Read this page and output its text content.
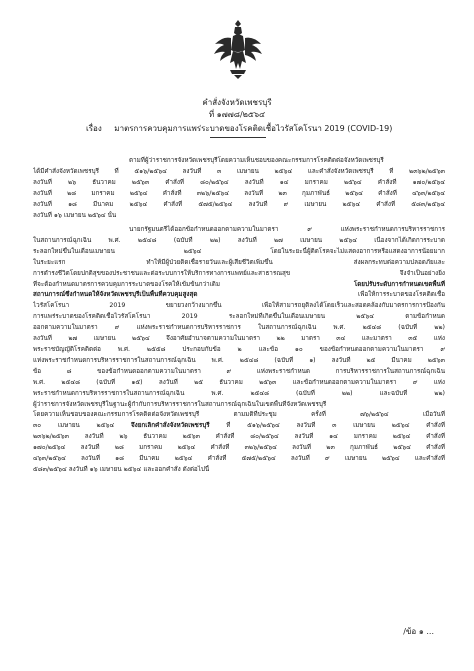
คำสั่งจังหวัดเพชรบุรี
ที่ ๑๗๗๘/๒๕๖๔
เรื่อง มาตรการควบคุมการแพร่ระบาดของโรคติดเชื้อไวรัสโคโรนา 2019 (COVID-19)
ตามที่ผู้ว่าราชการจังหวัดเพชรบุรีโดยความเห็นชอบของคณะกรรมการโรคติดต่อจังหวัดเพชรบุรี
ได้มีคำสั่งจังหวัดเพชรบุรี ที่ ๕๑๖/๒๕๖๔ ลงวันที่ ๓ เมษายน ๒๕๖๔ และคำสั่งจังหวัดเพชรบุรี ที่ ๒๓๖๒/๒๕๖๓
ลงวันที่ ๒๖ ธันวาคม ๒๕๖๓ คำสั่งที่ ๘๐/๒๕๖๔ ลงวันที่ ๑๔ มกราคม ๒๕๖๔ คำสั่งที่ ๑๗๐/๒๕๖๔
ลงวันที่ ๒๘ มกราคม ๒๕๖๔ คำสั่งที่ ๓๒๖/๒๕๖๔ ลงวันที่ ๒๓ กุมภาพันธ์ ๒๕๖๔ คำสั่งที่ ๔๖๓/๒๕๖๔
ลงวันที่ ๑๘ มีนาคม ๒๕๖๔ คำสั่งที่ ๕๗๕/๒๕๖๔ ลงวันที่ ๙ เมษายน ๒๕๖๔ คำสั่งที่ ๕๘๓/๒๕๖๔
ลงวันที่ ๑๖ เมษายน ๒๕๖๔ นั้น
นายกรัฐมนตรีได้ออกข้อกำหนดออกตามความในมาตรา ๙ แห่งพระราชกำหนดการบริหารราชการ
ในสถานการณ์ฉุกเฉิน พ.ศ. ๒๕๔๘ (ฉบับที่ ๒๒) ลงวันที่ ๒๗ เมษายน ๒๕๖๔ เนื่องจากได้เกิดการระบาด
ระลอกใหม่ขึ้นในเดือนเมษายน ๒๕๖๔ โดยในระยะนี้ผู้ติดโรคจะไม่แสดงอาการหรือแสดงอาการน้อยมาก
ในระยะแรก ทำให้มีผู้ป่วยติดเชื้อรายวันและผู้เสียชีวิตเพิ่มขึ้น ส่งผลกระทบต่อความปลอดภัยและ
การดำรงชีวิตโดยปกติสุขของประชาชนและต่อระบบการให้บริการทางการแพทย์และสาธารณสุข จึงจำเป็นอย่างยิ่ง
ที่จะต้องกำหนดมาตรการควบคุมการระบาดของโรคให้เข้มข้นกว่าเดิม โดยปรับระดับการกำหนดเขตพื้นที่
สถานการณ์ซึ่งกำหนดให้จังหวัดเพชรบุรีเป็นพื้นที่ควบคุมสูงสุด เพื่อให้การระบาดของโรคติดเชื้อ
ไวรัสโคโรนา 2019 ขยายวงกว้างมากขึ้น เพื่อให้สามารถยุติลงได้โดยเร็วและสอดคล้องกับมาตรการการป้องกัน
การแพร่ระบาดของโรคติดเชื้อไวรัสโคโรนา 2019 ระลอกใหม่ที่เกิดขึ้นในเดือนเมษายน ๒๕๖๔ ตามข้อกำหนด
ออกตามความในมาตรา ๙ แห่งพระราชกำหนดการบริหารราชการ ในสถานการณ์ฉุกเฉิน พ.ศ. ๒๕๔๘ (ฉบับที่ ๒๒)
ลงวันที่ ๒๗ เมษายน ๒๕๖๔ จึงอาศัยอำนาจตามความในมาตรา ๒๒ มาตรา ๓๔ และมาตรา ๓๕ แห่ง
พระราชบัญญัติโรคติดต่อ พ.ศ. ๒๕๕๘ ประกอบกับข้อ ๒ และข้อ ๑๐ ของข้อกำหนดออกตามความในมาตรา ๙
แห่งพระราชกำหนดการบริหารราชการในสถานการณ์ฉุกเฉิน พ.ศ. ๒๕๔๘ (ฉบับที่ ๑) ลงวันที่ ๒๕ มีนาคม ๒๕๖๓
ข้อ ๘ ของข้อกำหนดออกตามความในมาตรา ๙ แห่งพระราชกำหนด การบริหารราชการในสถานการณ์ฉุกเฉิน
พ.ศ. ๒๕๔๘ (ฉบับที่ ๑๕) ลงวันที่ ๒๕ ธันวาคม ๒๕๖๓ และข้อกำหนดออกตามความในมาตรา ๙ แห่ง
พระราชกำหนดการบริหารราชการในสถานการณ์ฉุกเฉิน พ.ศ. ๒๕๔๘ (ฉบับที่ ๒๒) และฉบับที่ ๒๒)
ผู้ว่าราชการจังหวัดเพชรบุรีในฐานะผู้กำกับการบริหารราชการในสถานการณ์ฉุกเฉินในเขตพื้นที่จังหวัดเพชรบุรี
โดยความเห็นชอบของคณะกรรมการโรคติดต่อจังหวัดเพชรบุรี ตามมติที่ประชุม ครั้งที่ ๗๖/๒๕๖๔ เมื่อวันที่
๓๐ เมษายน ๒๕๖๔ จึงยกเลิกคำสั่งจังหวัดเพชรบุรี ที่ ๕๑๖/๒๕๖๔ ลงวันที่ ๓ เมษายน ๒๕๖๔ คำสั่งที่
๒๓๖๒/๒๕๖๓ ลงวันที่ ๒๖ ธันวาคม ๒๕๖๓ คำสั่งที่ ๘๐/๒๕๖๔ ลงวันที่ ๑๔ มกราคม ๒๕๖๔ คำสั่งที่
๑๗๐/๒๕๖๔ ลงวันที่ ๒๘ มกราคม ๒๕๖๔ คำสั่งที่ ๓๒๖/๒๕๖๔ ลงวันที่ ๒๓ กุมภาพันธ์ ๒๕๖๔ คำสั่งที่
๔๖๓/๒๕๖๔ ลงวันที่ ๑๘ มีนาคม ๒๕๖๔ คำสั่งที่ ๕๗๕/๒๕๖๔ ลงวันที่ ๙ เมษายน ๒๕๖๔ และคำสั่งที่
๕๘๓/๒๕๖๔ ลงวันที่ ๑๖ เมษายน ๒๕๖๔ และออกคำสั่ง ดังต่อไปนี้
/ข้อ ๑ ...
